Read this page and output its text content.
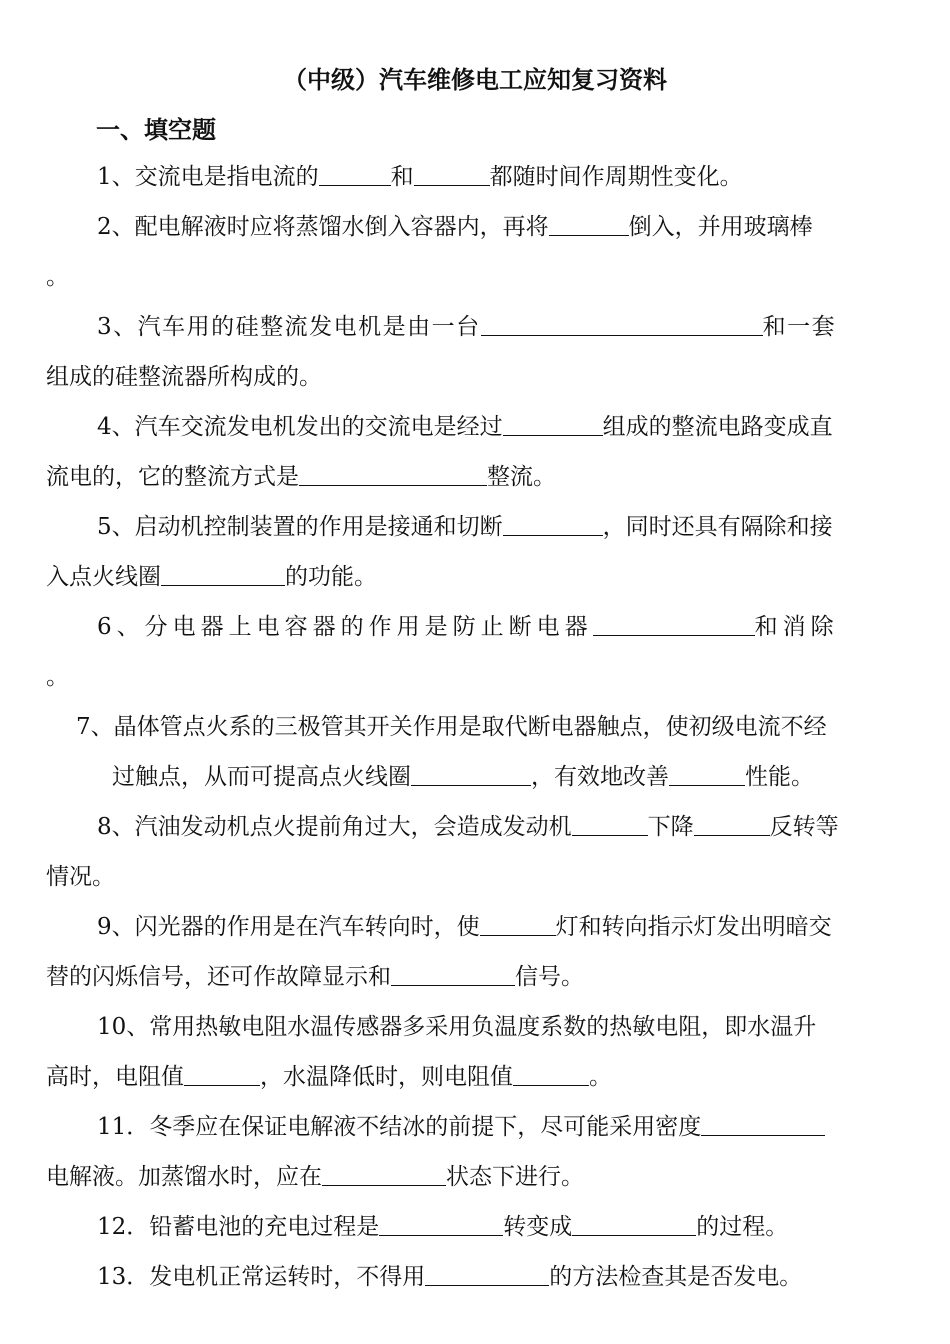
（中级）汽车维修电工应知复习资料
一、填空题
1、交流电是指电流的	和	都随时间作周期性变化。
2、配电解液时应将蒸馏水倒入容器内，再将	倒入，并用玻璃棒
。
3、汽车用的硅整流发电机是由一台	和一套
组成的硅整流器所构成的。
4、汽车交流发电机发出的交流电是经过	组成的整流电路变成直
流电的，它的整流方式是	整流。
5、启动机控制装置的作用是接通和切断	，同时还具有隔除和接
入点火线圈	的功能。
6、分电器上电容器的作用是防止断电器	和消除
。
7、晶体管点火系的三极管其开关作用是取代断电器触点，使初级电流不经
过触点，从而可提高点火线圈	，有效地改善	性能。
8、汽油发动机点火提前角过大，会造成发动机	下降	反转等
情况。
9、闪光器的作用是在汽车转向时，使	灯和转向指示灯发出明暗交
替的闪烁信号，还可作故障显示和	信号。
10、常用热敏电阻水温传感器多采用负温度系数的热敏电阻，即水温升
高时，电阻值	，水温降低时，则电阻值	。
11．冬季应在保证电解液不结冰的前提下，尽可能采用密度
电解液。加蒸馏水时，应在	状态下进行。
12．铅蓄电池的充电过程是	转变成	的过程。
13．发电机正常运转时，不得用	的方法检查其是否发电。
